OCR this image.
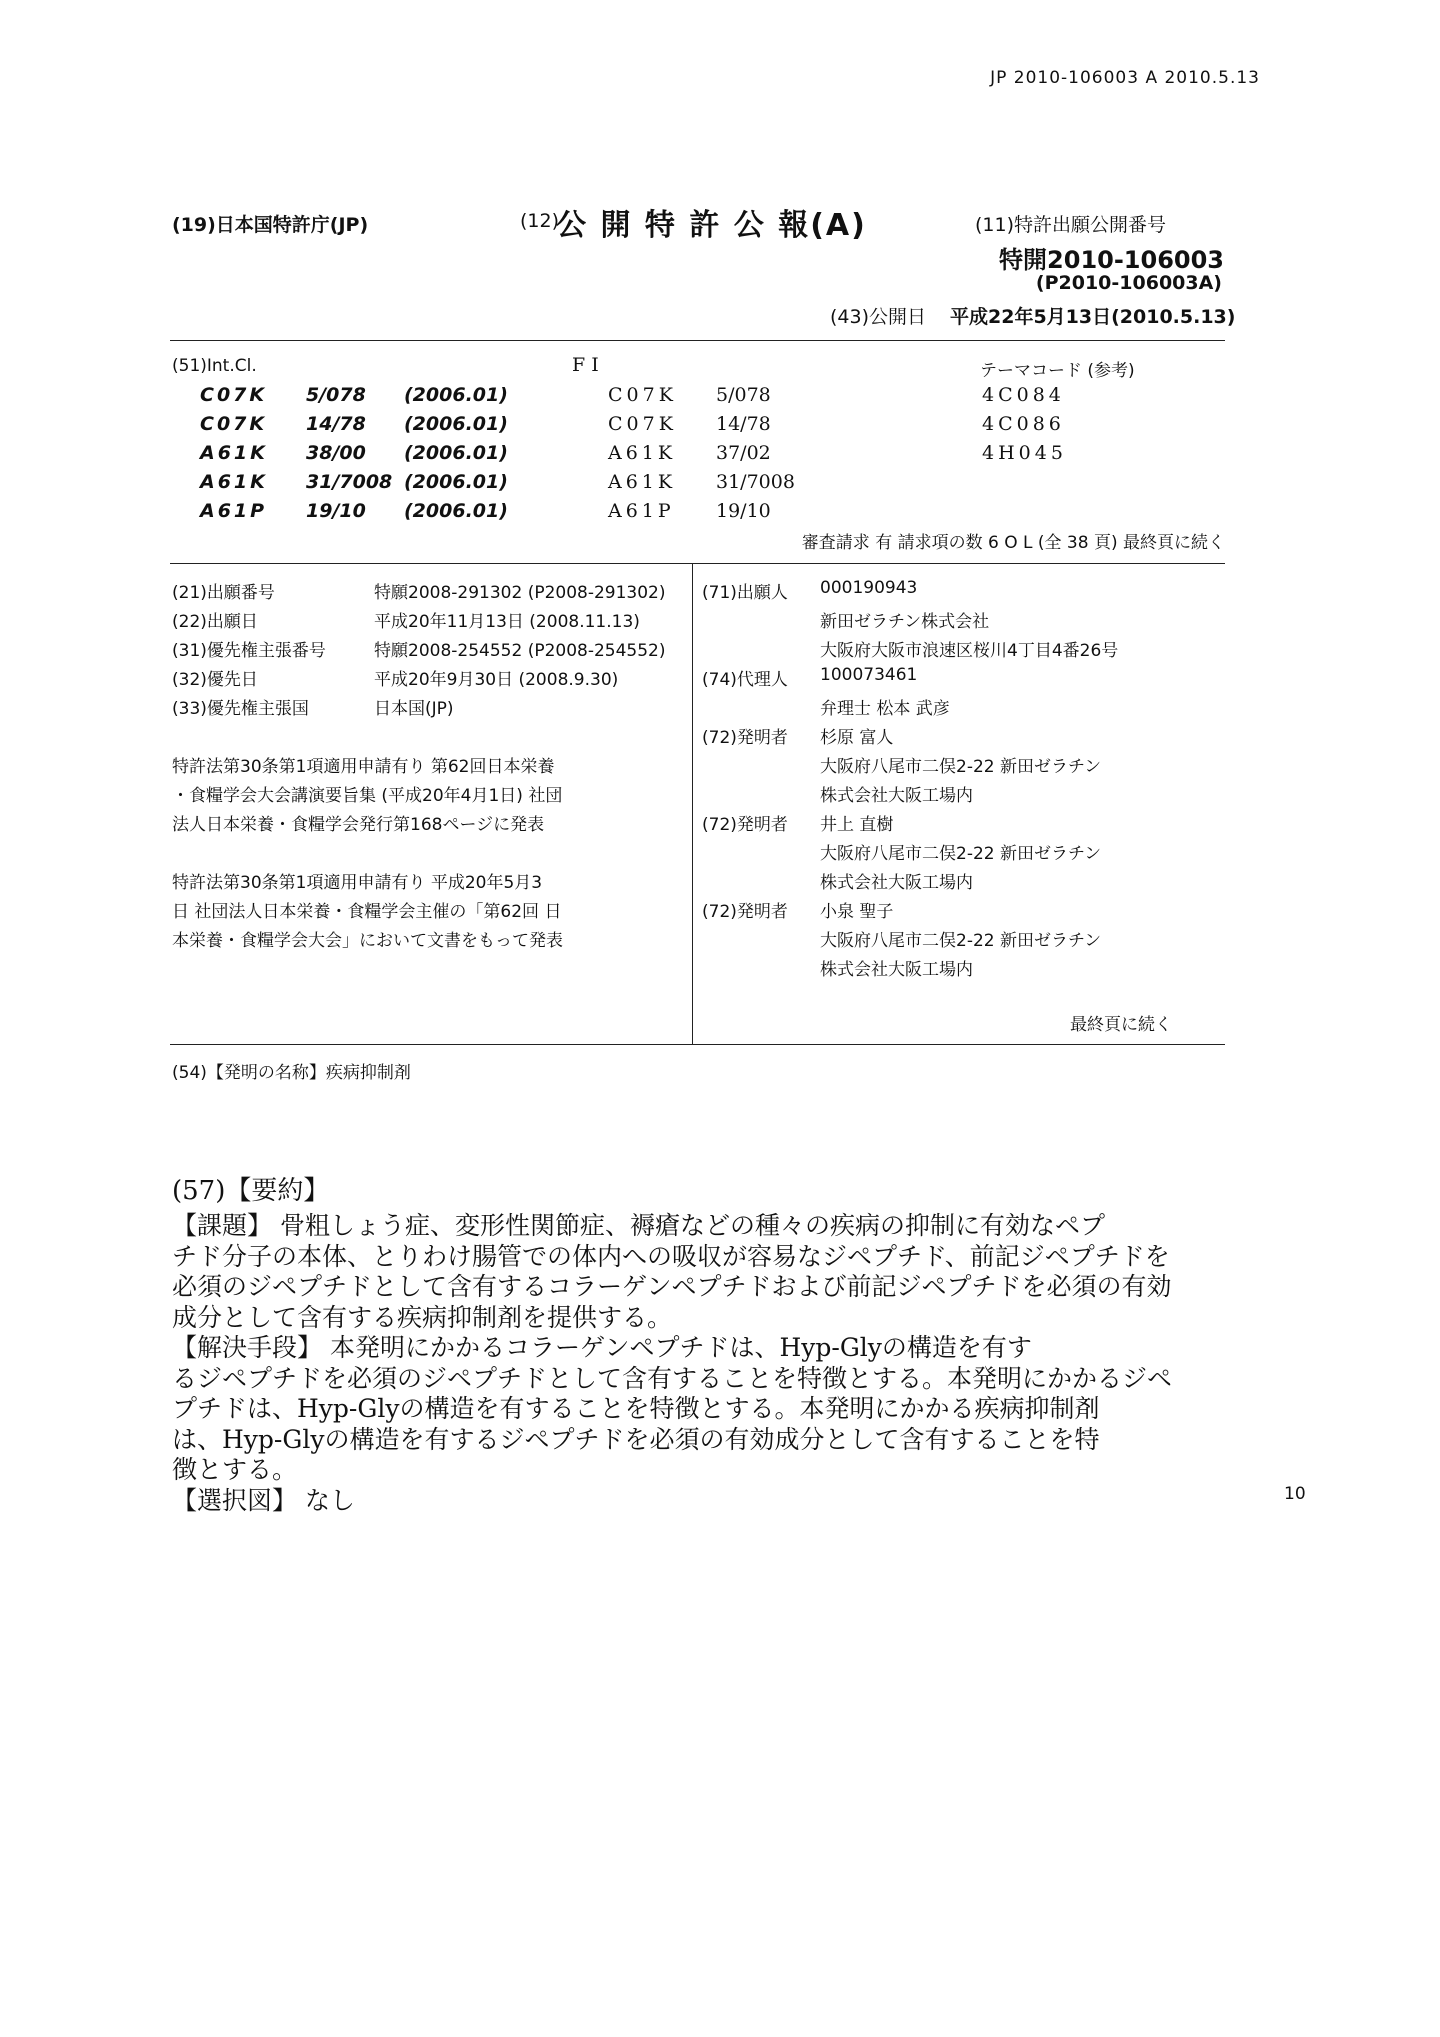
JP 2010-106003 A 2010.5.13
(19)日本国特許庁(JP)	(12)
公 開 特 許 公 報(A)	(11)特許出願公開番号
特開2010-106003
(P2010-106003A)
(43)公開日 平成22年5月13日(2010.5.13)
(51)Int.Cl.	F I	テーマコード (参考)
C07K 5/078 (2006.01)	C07K 5/078	4C084
C07K 14/78 (2006.01)	C07K 14/78	4C086
A61K 38/00 (2006.01)	A61K 37/02	4H045
A61K 31/7008 (2006.01)	A61K 31/7008
A61P 19/10 (2006.01)	A61P 19/10
審査請求 有 請求項の数 6 O L (全 38 頁) 最終頁に続く
(21)出願番号	特願2008-291302 (P2008-291302)
(22)出願日	平成20年11月13日 (2008.11.13)
(31)優先権主張番号	特願2008-254552 (P2008-254552)
(32)優先日	平成20年9月30日 (2008.9.30)
(33)優先権主張国	日本国(JP)
特許法第30条第1項適用申請有り 第62回日本栄養
・食糧学会大会講演要旨集 (平成20年4月1日) 社団
法人日本栄養・食糧学会発行第168ページに発表
特許法第30条第1項適用申請有り 平成20年5月3
日 社団法人日本栄養・食糧学会主催の「第62回 日
本栄養・食糧学会大会」において文書をもって発表
(71)出願人 000190943
新田ゼラチン株式会社
大阪府大阪市浪速区桜川4丁目4番26号
(74)代理人 100073461
弁理士 松本 武彦
(72)発明者 杉原 富人
大阪府八尾市二俣2-22 新田ゼラチン
株式会社大阪工場内
(72)発明者 井上 直樹
大阪府八尾市二俣2-22 新田ゼラチン
株式会社大阪工場内
(72)発明者 小泉 聖子
大阪府八尾市二俣2-22 新田ゼラチン
株式会社大阪工場内
最終頁に続く
(54)【発明の名称】疾病抑制剤
(57)【要約】
【課題】 骨粗しょう症、変形性関節症、褥瘡などの種々の疾病の抑制に有効なペプ
チド分子の本体、とりわけ腸管での体内への吸収が容易なジペプチド、前記ジペプチドを
必須のジペプチドとして含有するコラーゲンペプチドおよび前記ジペプチドを必須の有効
成分として含有する疾病抑制剤を提供する。
【解決手段】 本発明にかかるコラーゲンペプチドは、Hyp-Glyの構造を有す
るジペプチドを必須のジペプチドとして含有することを特徴とする。本発明にかかるジペ
プチドは、Hyp-Glyの構造を有することを特徴とする。本発明にかかる疾病抑制剤
は、Hyp-Glyの構造を有するジペプチドを必須の有効成分として含有することを特
徴とする。
【選択図】 なし	10
